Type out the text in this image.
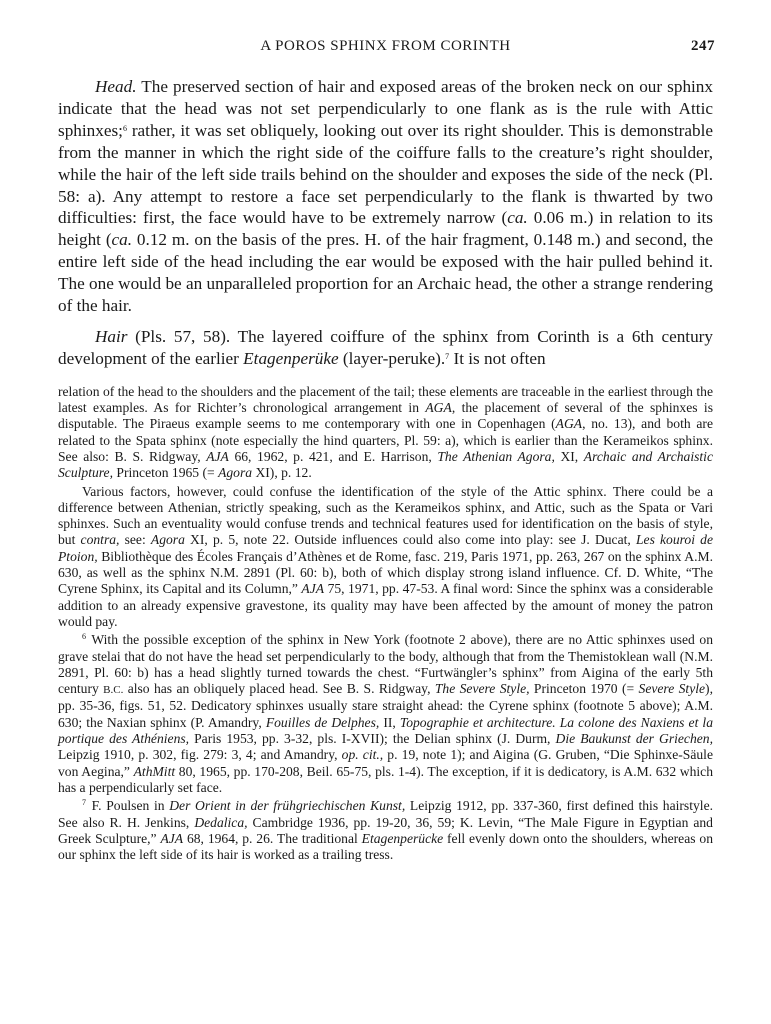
A POROS SPHINX FROM CORINTH	247

Head. The preserved section of hair and exposed areas of the broken neck on our sphinx indicate that the head was not set perpendicularly to one flank as is the rule with Attic sphinxes;$^6$ rather, it was set obliquely, looking out over its right shoulder. This is demonstrable from the manner in which the right side of the coiffure falls to the creature’s right shoulder, while the hair of the left side trails behind on the shoulder and exposes the side of the neck (Pl. 58: a). Any attempt to restore a face set perpendicularly to the flank is thwarted by two difficulties: first, the face would have to be extremely narrow (ca. 0.06 m.) in relation to its height (ca. 0.12 m. on the basis of the pres. H. of the hair fragment, 0.148 m.) and second, the entire left side of the head including the ear would be exposed with the hair pulled behind it. The one would be an unparalleled proportion for an Archaic head, the other a strange rendering of the hair.

Hair (Pls. 57, 58). The layered coiffure of the sphinx from Corinth is a 6th century development of the earlier Etagenperüke (layer-peruke).$^7$ It is not often

relation of the head to the shoulders and the placement of the tail; these elements are traceable in the earliest through the latest examples. As for Richter’s chronological arrangement in AGA, the placement of several of the sphinxes is disputable. The Piraeus example seems to me contemporary with one in Copenhagen (AGA, no. 13), and both are related to the Spata sphinx (note especially the hind quarters, Pl. 59: a), which is earlier than the Kerameikos sphinx. See also: B. S. Ridgway, AJA 66, 1962, p. 421, and E. Harrison, The Athenian Agora, XI, Archaic and Archaistic Sculpture, Princeton 1965 (= Agora XI), p. 12.

Various factors, however, could confuse the identification of the style of the Attic sphinx. There could be a difference between Athenian, strictly speaking, such as the Kerameikos sphinx, and Attic, such as the Spata or Vari sphinxes. Such an eventuality would confuse trends and technical features used for identification on the basis of style, but contra, see: Agora XI, p. 5, note 22. Outside influences could also come into play: see J. Ducat, Les kouroi de Ptoion, Bibliothèque des Écoles Français d’Athènes et de Rome, fasc. 219, Paris 1971, pp. 263, 267 on the sphinx A.M. 630, as well as the sphinx N.M. 2891 (Pl. 60: b), both of which display strong island influence. Cf. D. White, “The Cyrene Sphinx, its Capital and its Column,” AJA 75, 1971, pp. 47-53. A final word: Since the sphinx was a considerable addition to an already expensive gravestone, its quality may have been affected by the amount of money the patron would pay.

$^6$ With the possible exception of the sphinx in New York (footnote 2 above), there are no Attic sphinxes used on grave stelai that do not have the head set perpendicularly to the body, although that from the Themistoklean wall (N.M. 2891, Pl. 60: b) has a head slightly turned towards the chest. “Furtwängler’s sphinx” from Aigina of the early 5th century B.C. also has an obliquely placed head. See B. S. Ridgway, The Severe Style, Princeton 1970 (= Severe Style), pp. 35-36, figs. 51, 52. Dedicatory sphinxes usually stare straight ahead: the Cyrene sphinx (footnote 5 above); A.M. 630; the Naxian sphinx (P. Amandry, Fouilles de Delphes, II, Topographie et architecture. La colone des Naxiens et la portique des Athéniens, Paris 1953, pp. 3-32, pls. I-XVII); the Delian sphinx (J. Durm, Die Baukunst der Griechen, Leipzig 1910, p. 302, fig. 279: 3, 4; and Amandry, op. cit., p. 19, note 1); and Aigina (G. Gruben, “Die Sphinxe-Säule von Aegina,” AthMitt 80, 1965, pp. 170-208, Beil. 65-75, pls. 1-4). The exception, if it is dedicatory, is A.M. 632 which has a perpendicularly set face.

$^7$ F. Poulsen in Der Orient in der frühgriechischen Kunst, Leipzig 1912, pp. 337-360, first defined this hairstyle. See also R. H. Jenkins, Dedalica, Cambridge 1936, pp. 19-20, 36, 59; K. Levin, “The Male Figure in Egyptian and Greek Sculpture,” AJA 68, 1964, p. 26. The traditional Etagenperücke fell evenly down onto the shoulders, whereas on our sphinx the left side of its hair is worked as a trailing tress.
